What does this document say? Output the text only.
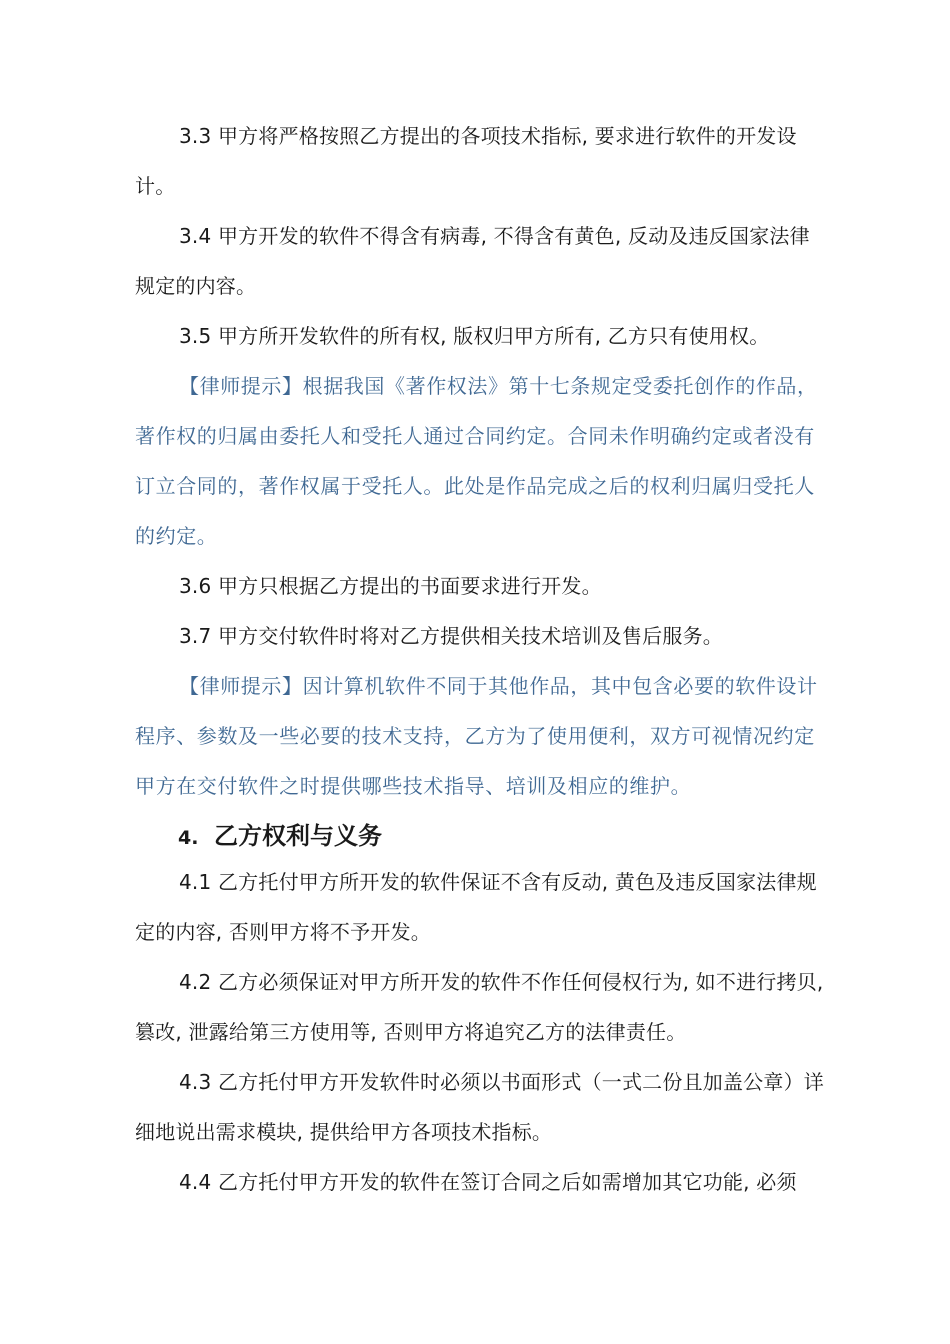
3.3 甲方将严格按照乙方提出的各项技术指标, 要求进行软件的开发设计。

3.4 甲方开发的软件不得含有病毒, 不得含有黄色, 反动及违反国家法律规定的内容。

3.5 甲方所开发软件的所有权, 版权归甲方所有, 乙方只有使用权。

【律师提示】根据我国《著作权法》第十七条规定受委托创作的作品，著作权的归属由委托人和受托人通过合同约定。合同未作明确约定或者没有订立合同的，著作权属于受托人。此处是作品完成之后的权利归属归受托人的约定。

3.6 甲方只根据乙方提出的书面要求进行开发。

3.7 甲方交付软件时将对乙方提供相关技术培训及售后服务。

【律师提示】因计算机软件不同于其他作品，其中包含必要的软件设计程序、参数及一些必要的技术支持，乙方为了使用便利，双方可视情况约定甲方在交付软件之时提供哪些技术指导、培训及相应的维护。

4. 乙方权利与义务

4.1 乙方托付甲方所开发的软件保证不含有反动, 黄色及违反国家法律规定的内容, 否则甲方将不予开发。

4.2 乙方必须保证对甲方所开发的软件不作任何侵权行为, 如不进行拷贝, 篡改, 泄露给第三方使用等, 否则甲方将追究乙方的法律责任。

4.3 乙方托付甲方开发软件时必须以书面形式（一式二份且加盖公章）详细地说出需求模块, 提供给甲方各项技术指标。

4.4 乙方托付甲方开发的软件在签订合同之后如需增加其它功能, 必须
